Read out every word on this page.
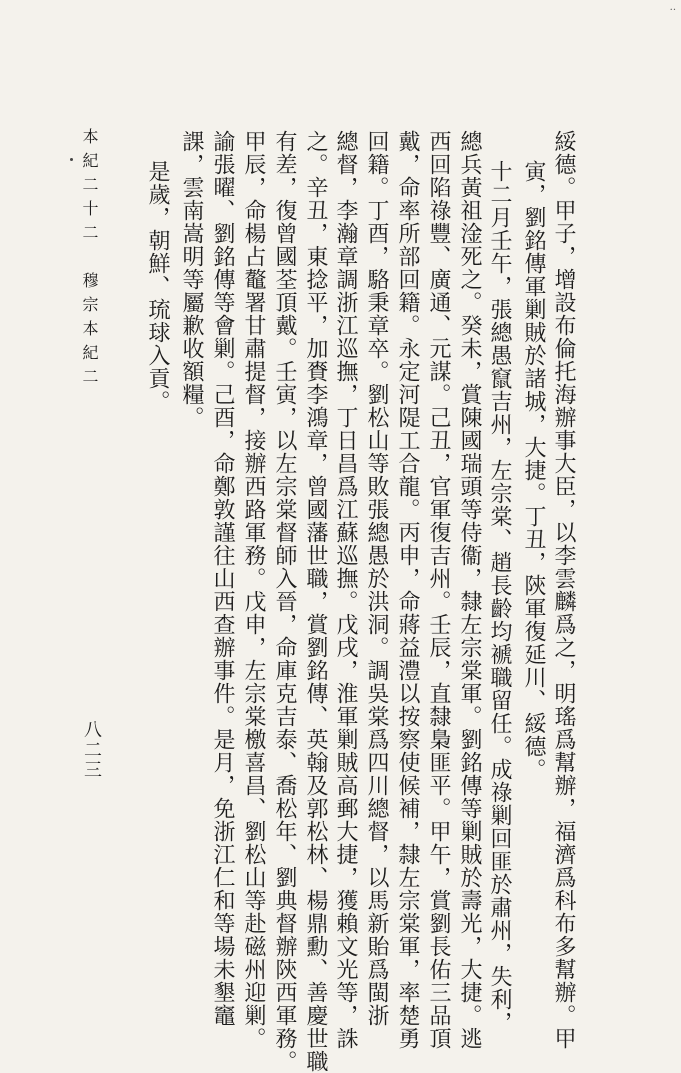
..
綏德。甲子，增設布倫托海辦事大臣，以李雲麟爲之，明瑤爲幫辦，福濟爲科布多幫辦。甲
寅，劉銘傳軍剿賊於諸城，大捷。丁丑，陝軍復延川、綏德。
十二月壬午，張總愚竄吉州，左宗棠、趙長齡均褫職留任。成祿剿回匪於肅州，失利，
總兵黃祖淦死之。癸未，賞陳國瑞頭等侍衞，隸左宗棠軍。劉銘傳等剿賊於壽光，大捷。逃
西回陷祿豐、廣通、元謀。己丑，官軍復吉州。壬辰，直隸梟匪平。甲午，賞劉長佑三品頂
戴，命率所部回籍。永定河隄工合龍。丙申，命蔣益澧以按察使候補，隸左宗棠軍，率楚勇
回籍。丁酉，駱秉章卒。劉松山等敗張總愚於洪洞。調吳棠爲四川總督，以馬新貽爲閩浙
總督，李瀚章調浙江巡撫，丁日昌爲江蘇巡撫。戊戌，淮軍剿賊高郵大捷，獲賴文光等，誅
之。辛丑，東捻平，加賚李鴻章，曾國藩世職，賞劉銘傳、英翰及郭松林、楊鼎勳、善慶世職
有差，復曾國荃頂戴。壬寅，以左宗棠督師入晉，命庫克吉泰、喬松年、劉典督辦陝西軍務。
甲辰，命楊占鼇署甘肅提督，接辦西路軍務。戊申，左宗棠檄喜昌、劉松山等赴磁州迎剿。
諭張曜、劉銘傳等會剿。己酉，命鄭敦謹往山西查辦事件。是月，免浙江仁和等場未墾竈
課，雲南嵩明等屬歉收額糧。
是歲，朝鮮、琉球入貢。
本紀二十二　穆宗本紀二
八二三
